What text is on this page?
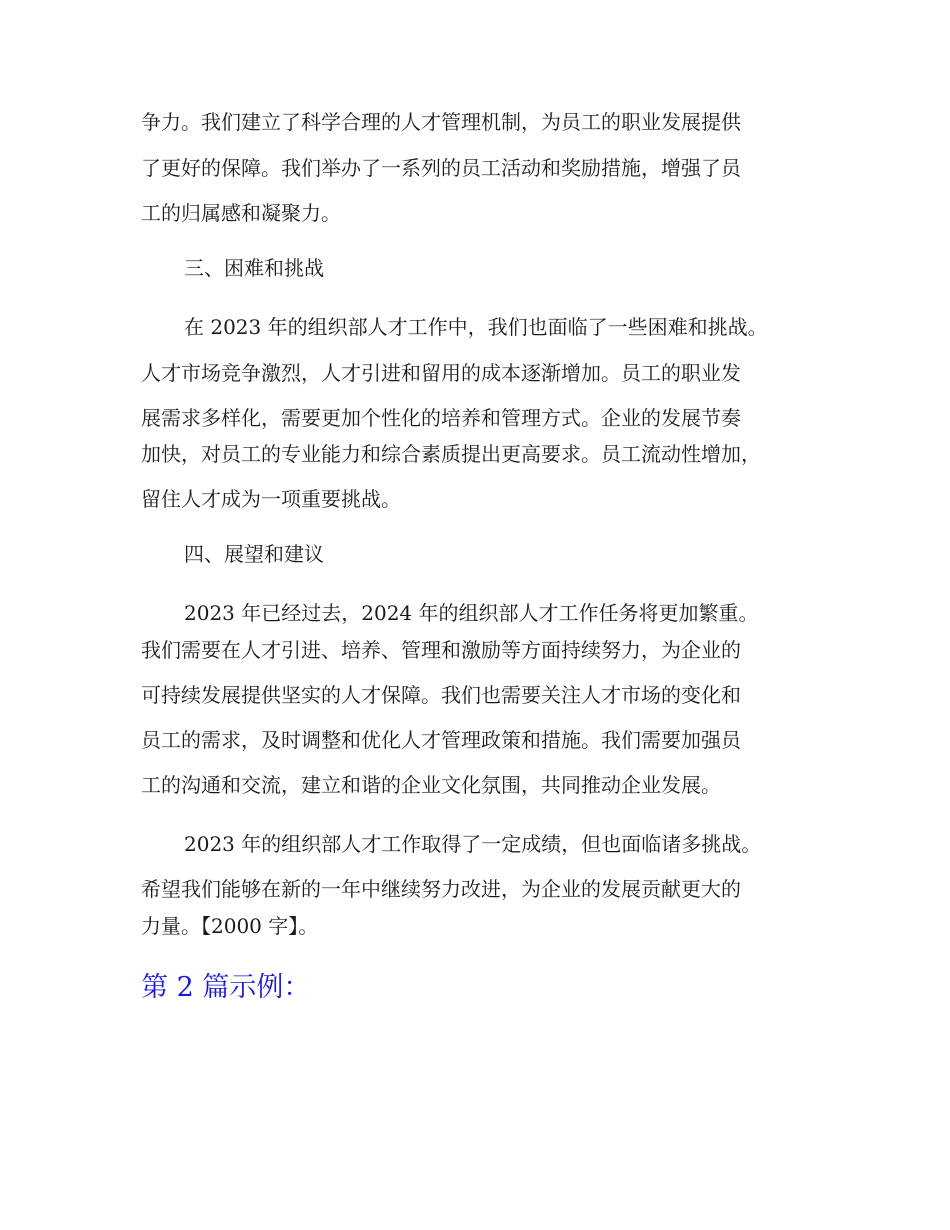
争力。我们建立了科学合理的人才管理机制，为员工的职业发展提供
了更好的保障。我们举办了一系列的员工活动和奖励措施，增强了员
工的归属感和凝聚力。
三、困难和挑战
在 2023 年的组织部人才工作中，我们也面临了一些困难和挑战。
人才市场竞争激烈，人才引进和留用的成本逐渐增加。员工的职业发
展需求多样化，需要更加个性化的培养和管理方式。企业的发展节奏
加快，对员工的专业能力和综合素质提出更高要求。员工流动性增加，
留住人才成为一项重要挑战。
四、展望和建议
2023 年已经过去，2024 年的组织部人才工作任务将更加繁重。
我们需要在人才引进、培养、管理和激励等方面持续努力，为企业的
可持续发展提供坚实的人才保障。我们也需要关注人才市场的变化和
员工的需求，及时调整和优化人才管理政策和措施。我们需要加强员
工的沟通和交流，建立和谐的企业文化氛围，共同推动企业发展。
2023 年的组织部人才工作取得了一定成绩，但也面临诸多挑战。
希望我们能够在新的一年中继续努力改进，为企业的发展贡献更大的
力量。【2000 字】。
第 2 篇示例：
